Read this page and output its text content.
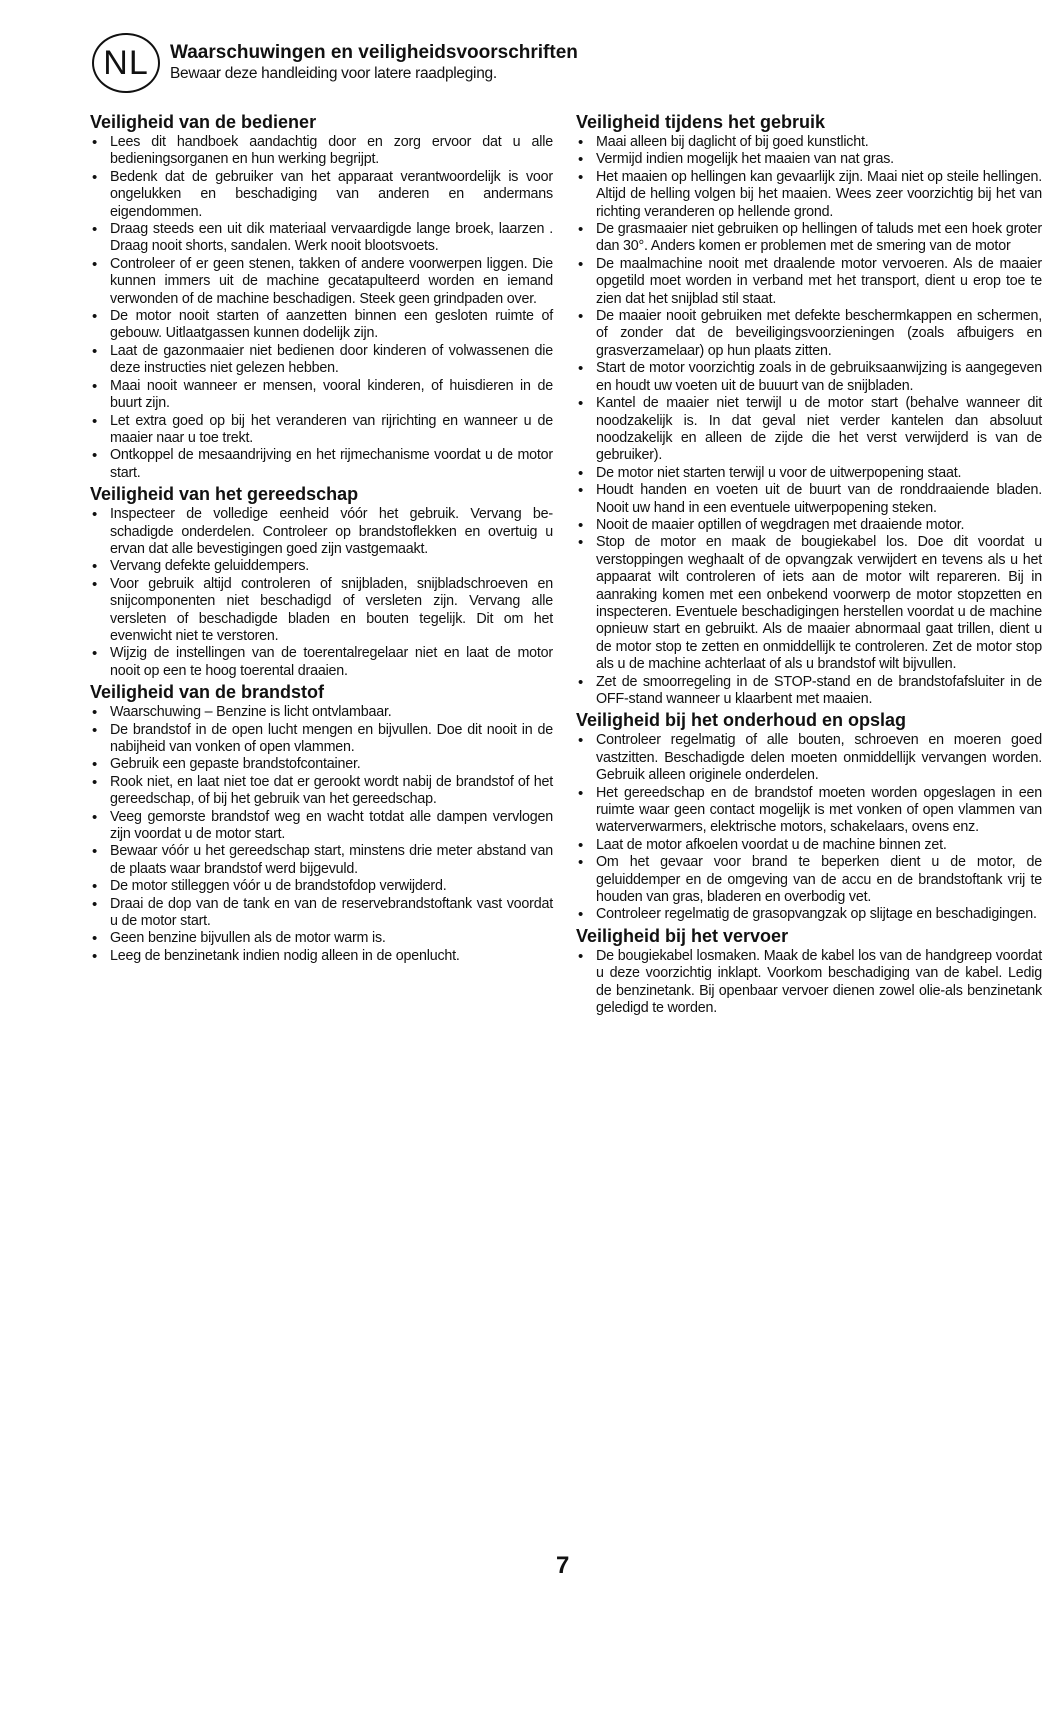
NL	Waarschuwingen en veiligheidsvoorschriften
Bewaar deze handleiding voor latere raadpleging.
Veiligheid van de bediener
• Lees dit handboek aandachtig door en zorg ervoor dat u alle bedieningsorganen en hun werking begrijpt.
• Bedenk dat de gebruiker van het apparaat verantwoordelijk is voor ongelukken en beschadiging van anderen en andermans eigendommen.
• Draag steeds een uit dik materiaal vervaardigde lange broek, laarzen . Draag nooit shorts, sandalen. Werk nooit blootsvoets.
• Controleer of er geen stenen, takken of andere voorwerpen liggen. Die kunnen immers uit de machine gecatapulteerd worden en iemand verwonden of de machine beschadigen. Steek geen grindpaden over.
• De motor nooit starten of aanzetten binnen een gesloten ruimte of gebouw. Uitlaatgassen kunnen dodelijk zijn.
• Laat de gazonmaaier niet bedienen door kinderen of volwassenen die deze instructies niet gelezen hebben.
• Maai nooit wanneer er mensen, vooral kinderen, of huisdieren in de buurt zijn.
• Let extra goed op bij het veranderen van rijrichting en wanneer u de maaier naar u toe trekt.
• Ontkoppel de mesaandrijving en het rijmechanisme voordat u de motor start.
Veiligheid van het gereedschap
• Inspecteer de volledige eenheid vóór het gebruik. Vervang be-schadigde onderdelen. Controleer op brandstoflekken en overtuig u ervan dat alle bevestigingen goed zijn vastgemaakt.
• Vervang defekte geluiddempers.
• Voor gebruik altijd controleren of snijbladen, snijbladschroeven en snijcomponenten niet beschadigd of versleten zijn. Vervang alle versleten of beschadigde bladen en bouten tegelijk. Dit om het evenwicht niet te verstoren.
• Wijzig de instellingen van de toerentalregelaar niet en laat de motor nooit op een te hoog toerental draaien.
Veiligheid van de brandstof
• Waarschuwing – Benzine is licht ontvlambaar.
• De brandstof in de open lucht mengen en bijvullen. Doe dit nooit in de nabijheid van vonken of open vlammen.
• Gebruik een gepaste brandstofcontainer.
• Rook niet, en laat niet toe dat er gerookt wordt nabij de brandstof of het gereedschap, of bij het gebruik van het gereedschap.
• Veeg gemorste brandstof weg en wacht totdat alle dampen vervlogen zijn voordat u de motor start.
• Bewaar vóór u het gereedschap start, minstens drie meter abstand van de plaats waar brandstof werd bijgevuld.
• De motor stilleggen vóór u de brandstofdop verwijderd.
• Draai de dop van de tank en van de reservebrandstoftank vast voordat u de motor start.
• Geen benzine bijvullen als de motor warm is.
• Leeg de benzinetank indien nodig alleen in de openlucht.
Veiligheid tijdens het gebruik
• Maai alleen bij daglicht of bij goed kunstlicht.
• Vermijd indien mogelijk het maaien van nat gras.
• Het maaien op hellingen kan gevaarlijk zijn. Maai niet op steile hellingen. Altijd de helling volgen bij het maaien. Wees zeer voorzichtig bij het van richting veranderen op hellende grond.
• De grasmaaier niet gebruiken op hellingen of taluds met een hoek groter dan 30°. Anders komen er problemen met de smering van de motor
• De maalmachine nooit met draalende motor vervoeren. Als de maaier opgetild moet worden in verband met het transport, dient u erop toe te zien dat het snijblad stil staat.
• De maaier nooit gebruiken met defekte beschermkappen en schermen, of zonder dat de beveiligingsvoorzieningen (zoals afbuigers en grasverzamelaar) op hun plaats zitten.
• Start de motor voorzichtig zoals in de gebruiksaanwijzing is aangegeven en houdt uw voeten uit de buuurt van de snijbladen.
• Kantel de maaier niet terwijl u de motor start (behalve wanneer dit noodzakelijk is. In dat geval niet verder kantelen dan absoluut noodzakelijk en alleen de zijde die het verst verwijderd is van de gebruiker).
• De motor niet starten terwijl u voor de uitwerpopening staat.
• Houdt handen en voeten uit de buurt van de ronddraaiende bladen. Nooit uw hand in een eventuele uitwerpopening steken.
• Nooit de maaier optillen of wegdragen met draaiende motor.
• Stop de motor en maak de bougiekabel los. Doe dit voordat u verstoppingen weghaalt of de opvangzak verwijdert en tevens als u het appaarat wilt controleren of iets aan de motor wilt repareren. Bij in aanraking komen met een onbekend voorwerp de motor stopzetten en inspecteren. Eventuele beschadigingen herstellen voordat u de machine opnieuw start en gebruikt. Als de maaier abnormaal gaat trillen, dient u de motor stop te zetten en onmiddellijk te controleren. Zet de motor stop als u de machine achterlaat of als u brandstof wilt bijvullen.
• Zet de smoorregeling in de STOP-stand en de brandstofafsluiter in de OFF-stand wanneer u klaarbent met maaien.
Veiligheid bij het onderhoud en opslag
• Controleer regelmatig of alle bouten, schroeven en moeren goed vastzitten. Beschadigde delen moeten onmiddellijk vervangen worden. Gebruik alleen originele onderdelen.
• Het gereedschap en de brandstof moeten worden opgeslagen in een ruimte waar geen contact mogelijk is met vonken of open vlammen van waterverwarmers, elektrische motors, schakelaars, ovens enz.
• Laat de motor afkoelen voordat u de machine binnen zet.
• Om het gevaar voor brand te beperken dient u de motor, de geluiddemper en de omgeving van de accu en de brandstoftank vrij te houden van gras, bladeren en overbodig vet.
• Controleer regelmatig de grasopvangzak op slijtage en beschadigingen.
Veiligheid bij het vervoer
• De bougiekabel losmaken. Maak de kabel los van de handgreep voordat u deze voorzichtig inklapt. Voorkom beschadiging van de kabel. Ledig de benzinetank. Bij openbaar vervoer dienen zowel olie-als benzinetank geledigd te worden.
7
